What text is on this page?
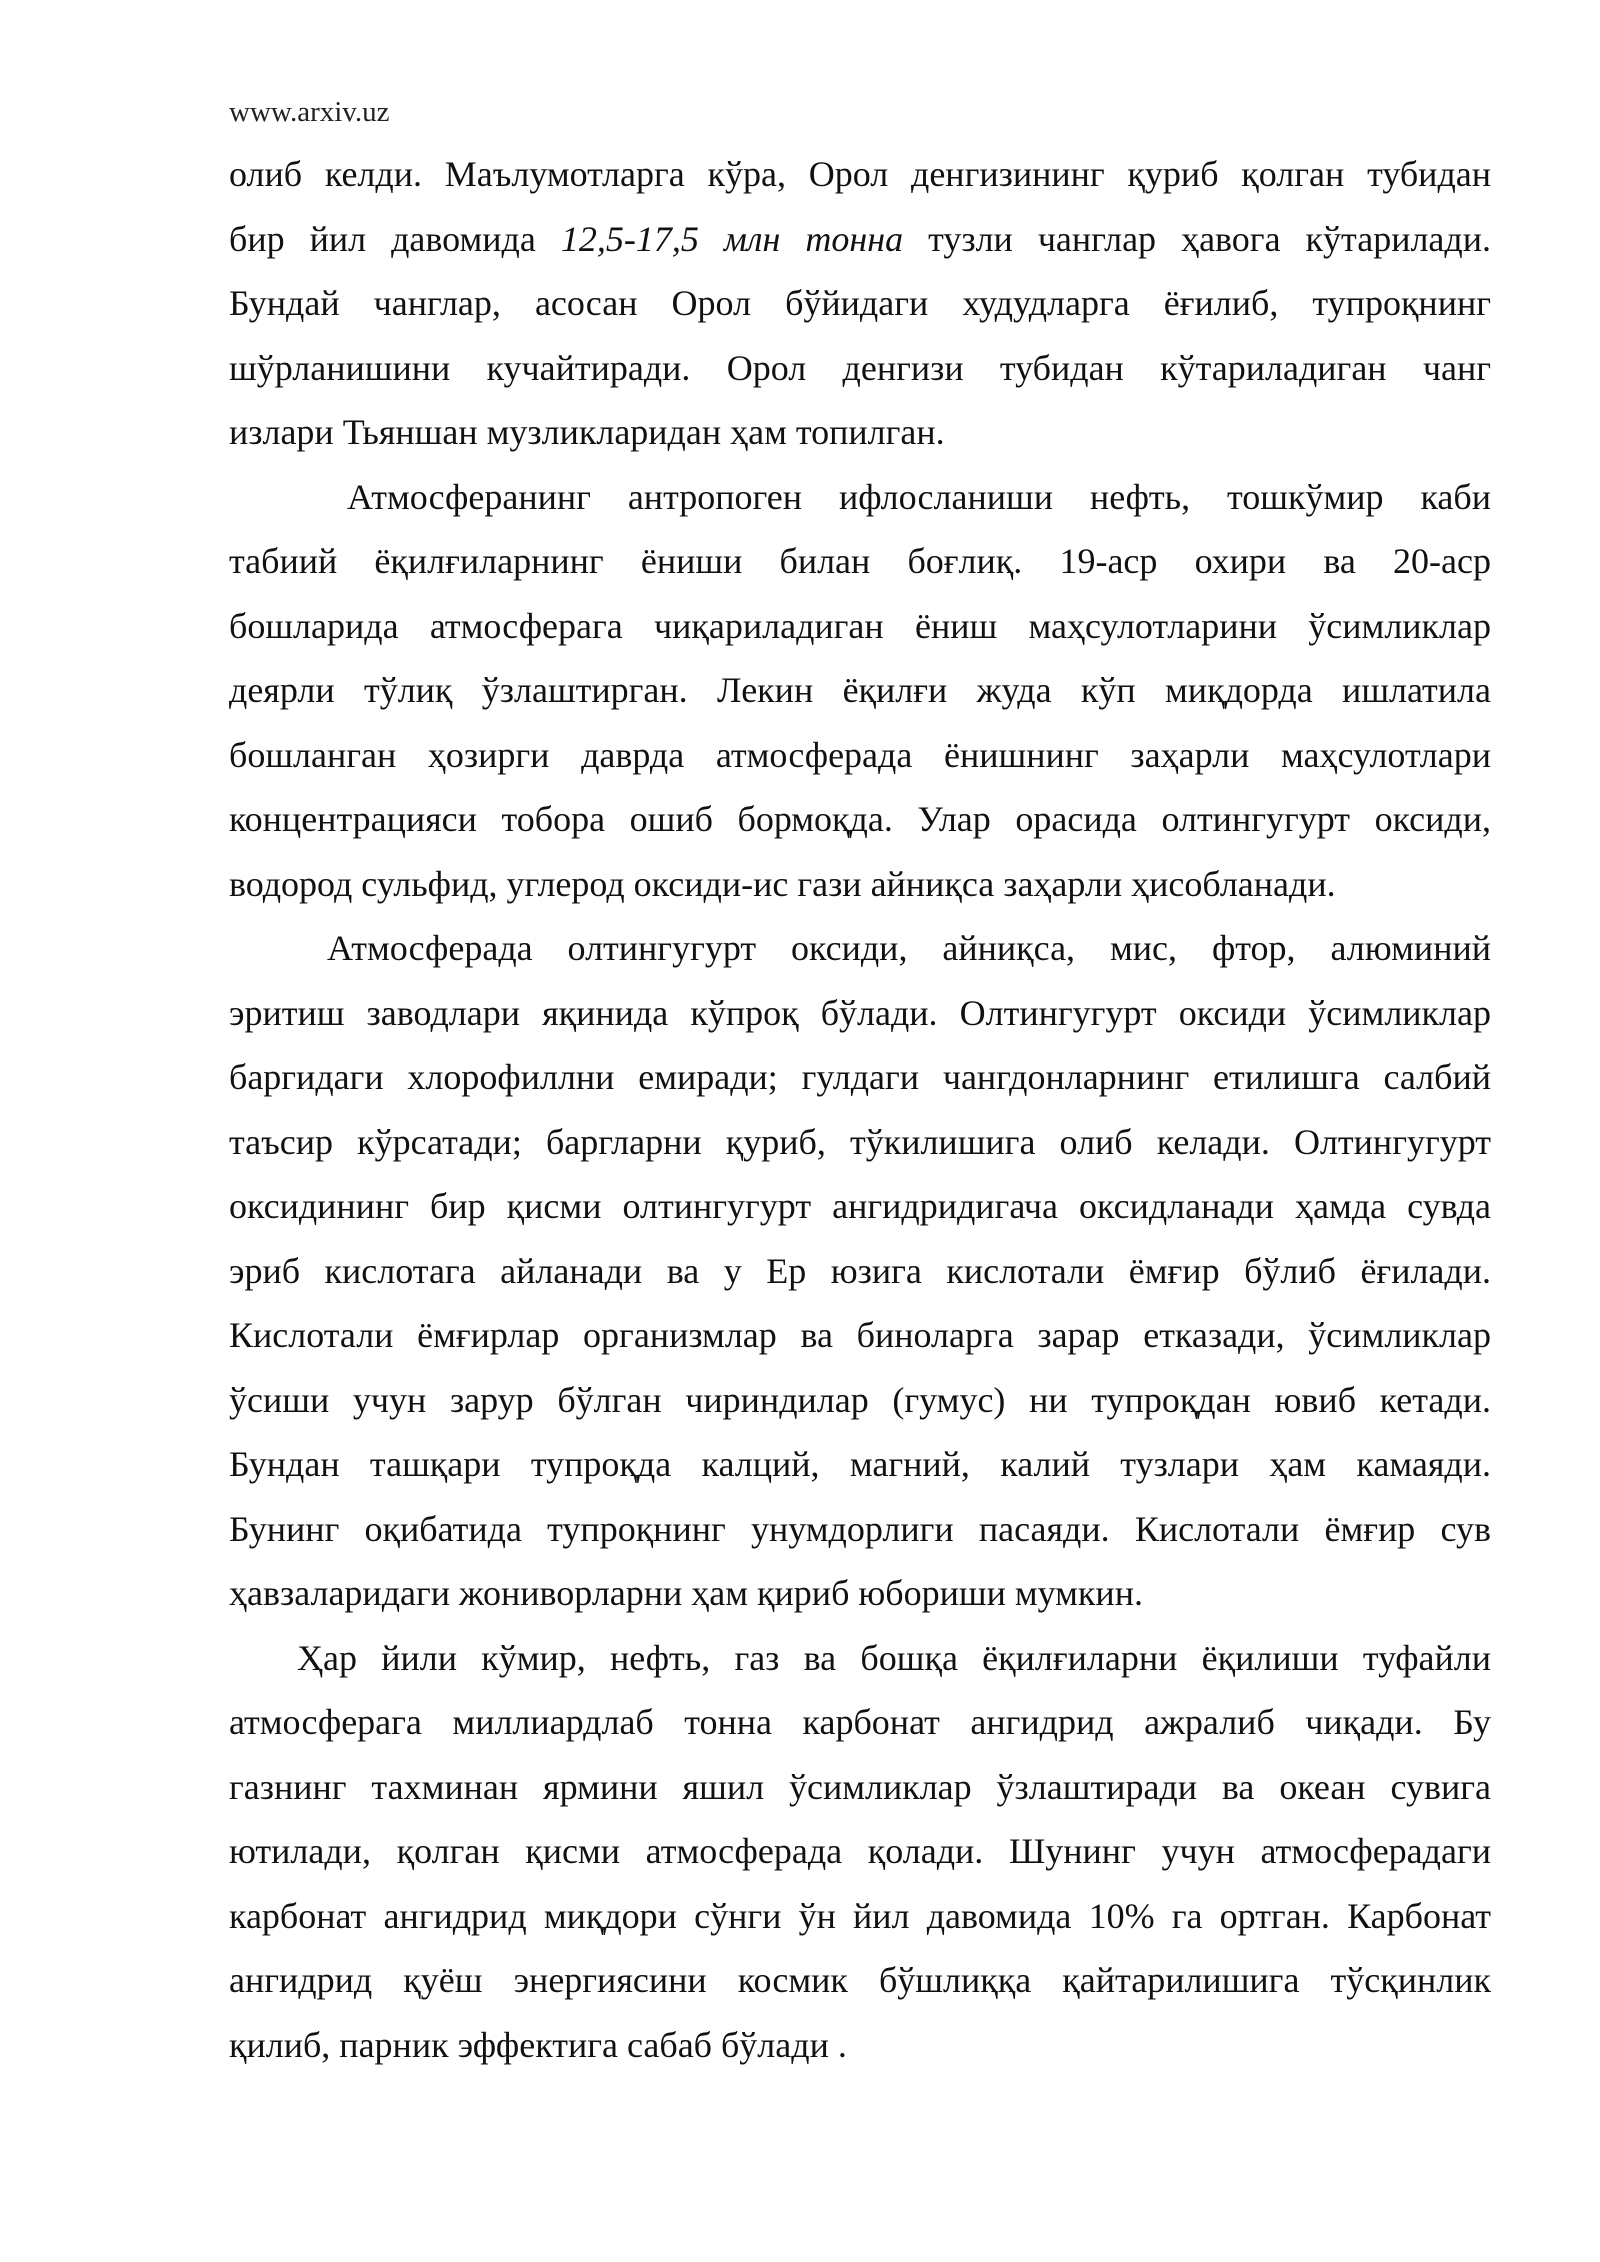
www.arxiv.uz
олиб келди. Маълумотларга кўра, Орол денгизининг қуриб қолган тубидан
бир йил давомида 12,5-17,5 млн тонна тузли чанглар ҳавога кўтарилади.
Бундай чанглар, асосан Орол бўйидаги худудларга ёғилиб, тупроқнинг
шўрланишини кучайтиради. Орол денгизи тубидан кўтариладиган чанг
излари Тьяншан музликларидан ҳам топилган.
Атмосферанинг антропоген ифлосланиши нефть, тошкўмир каби
табиий ёқилғиларнинг ёниши билан боғлиқ. 19-аср охири ва 20-аср
бошларида атмосферага чиқариладиган ёниш маҳсулотларини ўсимликлар
деярли тўлиқ ўзлаштирган. Лекин ёқилғи жуда кўп миқдорда ишлатила
бошланган ҳозирги даврда атмосферада ёнишнинг заҳарли маҳсулотлари
концентрацияси тобора ошиб бормоқда. Улар орасида олтингугурт оксиди,
водород сульфид, углерод оксиди-ис гази айниқса заҳарли ҳисобланади.
Атмосферада олтингугурт оксиди, айниқса, мис, фтор, алюминий
эритиш заводлари яқинида кўпроқ бўлади. Олтингугурт оксиди ўсимликлар
баргидаги хлорофиллни емиради; гулдаги чангдонларнинг етилишга салбий
таъсир кўрсатади; баргларни қуриб, тўкилишига олиб келади. Олтингугурт
оксидининг бир қисми олтингугурт ангидридигача оксидланади ҳамда сувда
эриб кислотага айланади ва у Ер юзига кислотали ёмғир бўлиб ёғилади.
Кислотали ёмғирлар организмлар ва биноларга зарар етказади, ўсимликлар
ўсиши учун зарур бўлган чириндилар (гумус) ни тупроқдан ювиб кетади.
Бундан ташқари тупроқда калций, магний, калий тузлари ҳам камаяди.
Бунинг оқибатида тупроқнинг унумдорлиги пасаяди. Кислотали ёмғир сув
ҳавзаларидаги жониворларни ҳам қириб юбориши мумкин.
Ҳар йили кўмир, нефть, газ ва бошқа ёқилғиларни ёқилиши туфайли
атмосферага миллиардлаб тонна карбонат ангидрид ажралиб чиқади. Бу
газнинг тахминан ярмини яшил ўсимликлар ўзлаштиради ва океан сувига
ютилади, қолган қисми атмосферада қолади. Шунинг учун атмосферадаги
карбонат ангидрид миқдори сўнги ўн йил давомида 10% га ортган. Карбонат
ангидрид қуёш энергиясини космик бўшлиққа қайтарилишига тўсқинлик
қилиб, парник эффектига сабаб бўлади .
